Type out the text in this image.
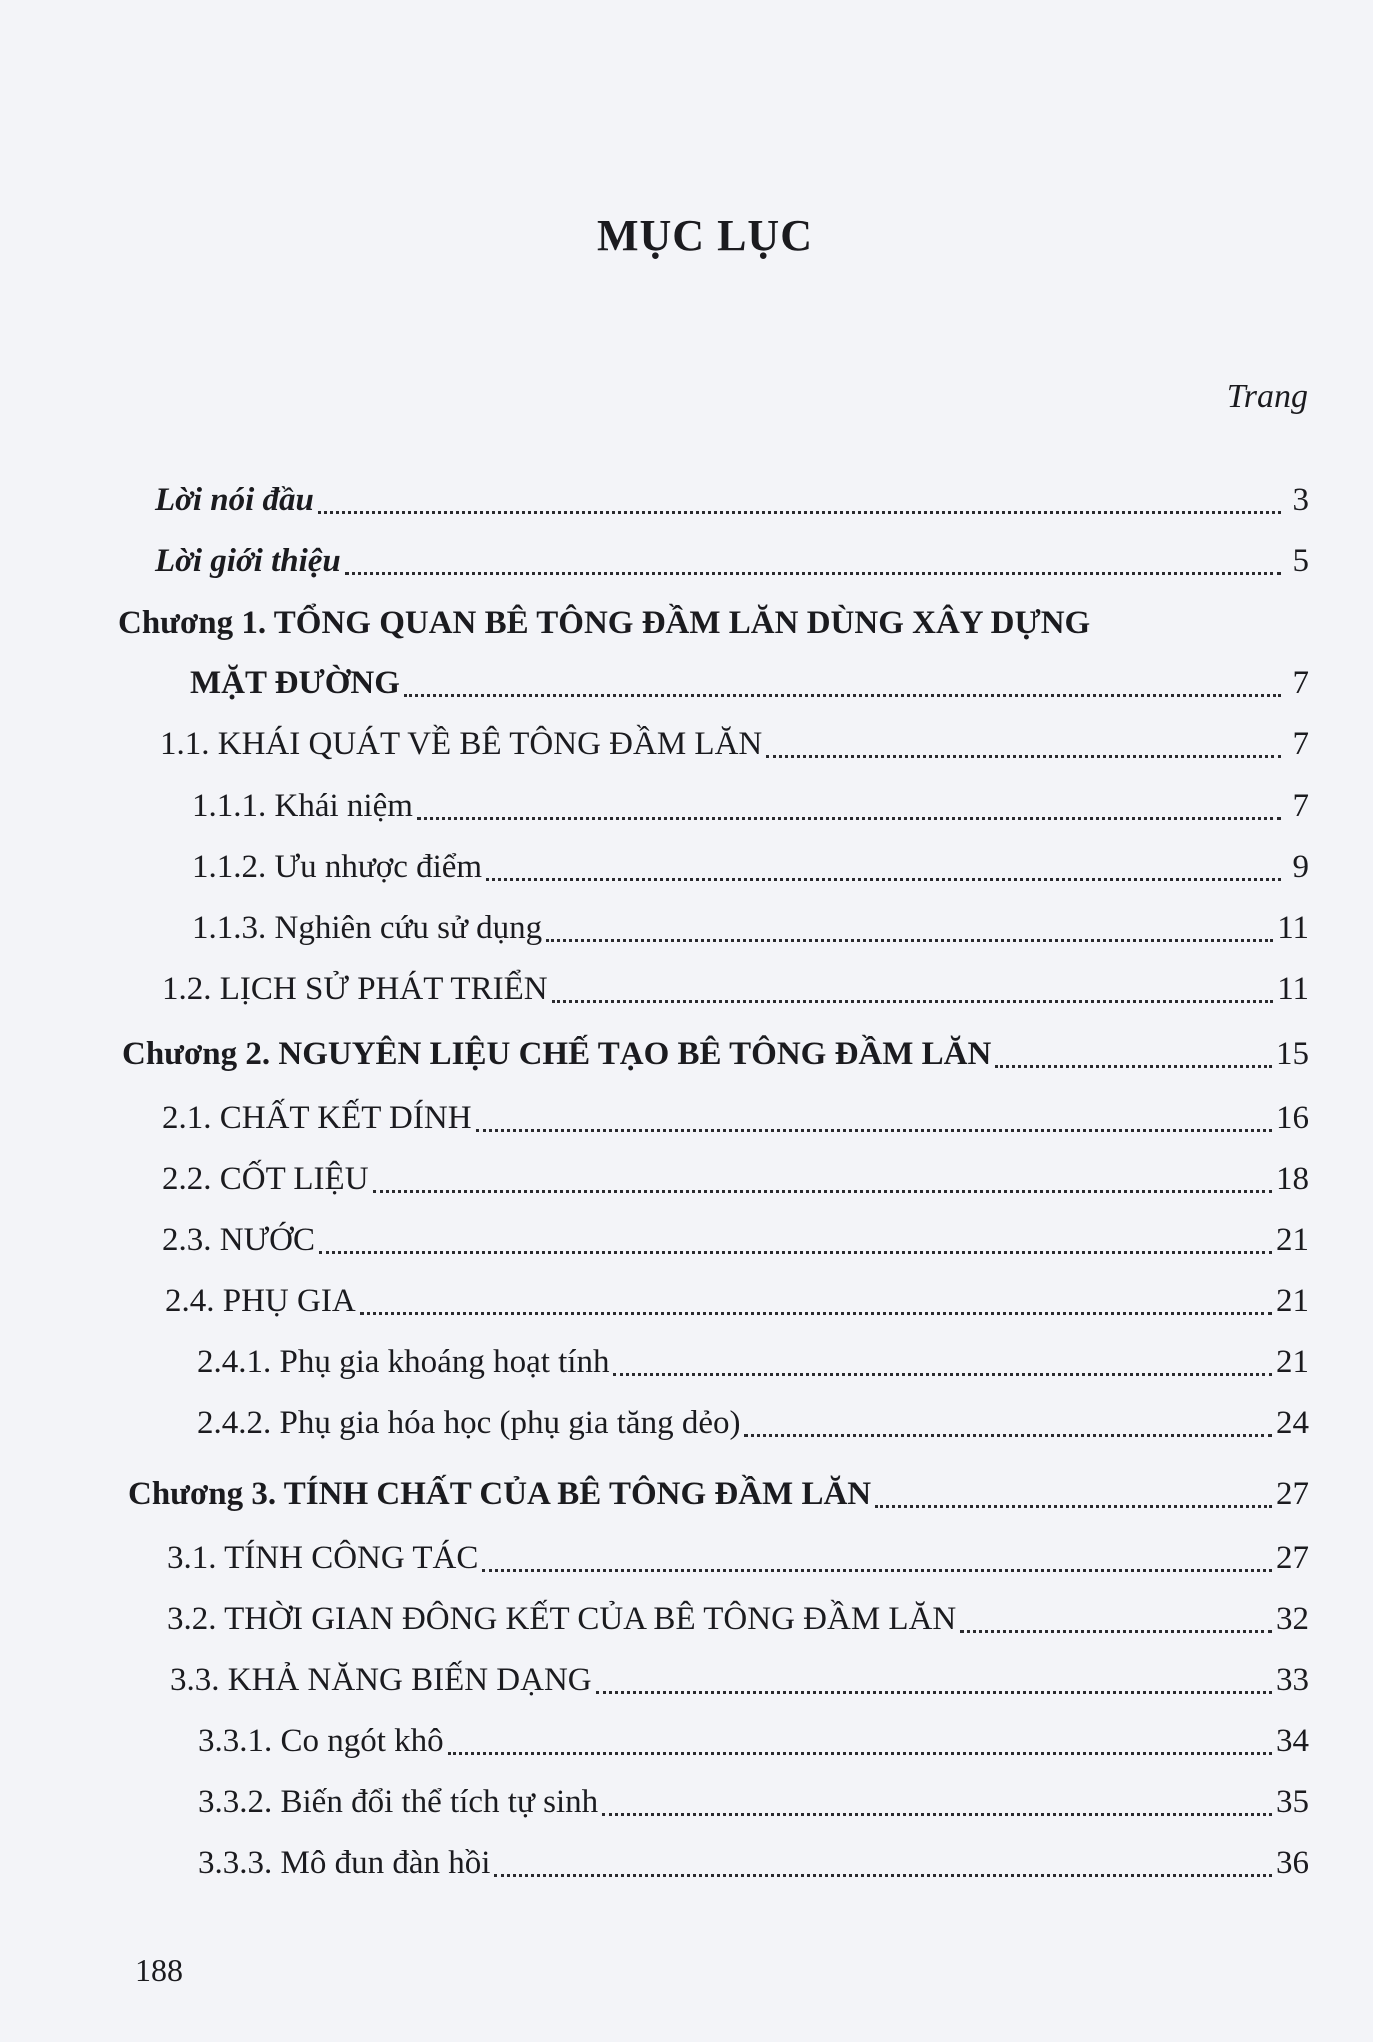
MỤC LỤC
Trang
Lời nói đầu	3
Lời giới thiệu	5
Chương 1. TỔNG QUAN BÊ TÔNG ĐẦM LĂN DÙNG XÂY DỰNG
MẶT ĐƯỜNG	7
1.1. KHÁI QUÁT VỀ BÊ TÔNG ĐẦM LĂN	7
1.1.1. Khái niệm	7
1.1.2. Ưu nhược điểm	9
1.1.3. Nghiên cứu sử dụng	11
1.2. LỊCH SỬ PHÁT TRIỂN	11
Chương 2. NGUYÊN LIỆU CHẾ TẠO BÊ TÔNG ĐẦM LĂN	15
2.1. CHẤT KẾT DÍNH	16
2.2. CỐT LIỆU	18
2.3. NƯỚC	21
2.4. PHỤ GIA	21
2.4.1. Phụ gia khoáng hoạt tính	21
2.4.2. Phụ gia hóa học (phụ gia tăng dẻo)	24
Chương 3. TÍNH CHẤT CỦA BÊ TÔNG ĐẦM LĂN	27
3.1. TÍNH CÔNG TÁC	27
3.2. THỜI GIAN ĐÔNG KẾT CỦA BÊ TÔNG ĐẦM LĂN	32
3.3. KHẢ NĂNG BIẾN DẠNG	33
3.3.1. Co ngót khô	34
3.3.2. Biến đổi thể tích tự sinh	35
3.3.3. Mô đun đàn hồi	36
188
